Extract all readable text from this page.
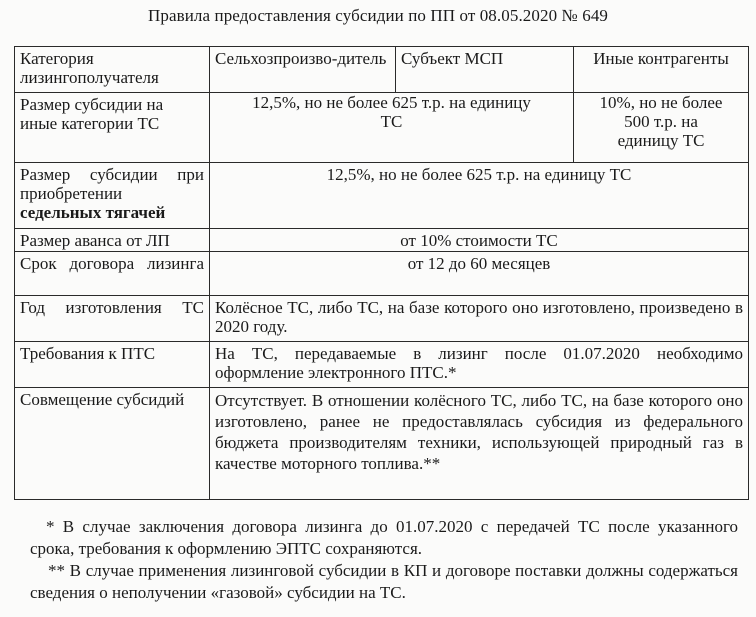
Правила предоставления субсидии по ПП от 08.05.2020 № 649
Категория лизингополучателя	Сельхозпроизво-дитель	Субъект МСП	Иные контрагенты
Размер субсидии на иные категории ТС	12,5%, но не более 625 т.р. на единицу ТС		10%, но не более 500 т.р. на единицу ТС

Размер субсидии при приобретении
седельных тягачей	12,5%, но не более 625 т.р. на единицу ТС		
Размер аванса от ЛП	от 10% стоимости ТС		

Срок договора лизинга	от 12 до 60 месяцев		

Год изготовления ТС	Колёсное ТС, либо ТС, на базе которого оно изготовлено, произведено в 2020 году.		
Требования к ПТС	На ТС, передаваемые в лизинг после 01.07.2020 необходимо оформление электронного ПТС.*		
Совмещение субсидий	Отсутствует. В отношении колёсного ТС, либо ТС, на базе которого оно изготовлено, ранее не предоставлялась субсидия из федерального бюджета производителям техники, использующей природный газ в качестве моторного топлива.**		
* В случае заключения договора лизинга до 01.07.2020 с передачей ТС после указанного срока, требования к оформлению ЭПТС сохраняются.
** В случае применения лизинговой субсидии в КП и договоре поставки должны содержаться сведения о неполучении «газовой» субсидии на ТС.
